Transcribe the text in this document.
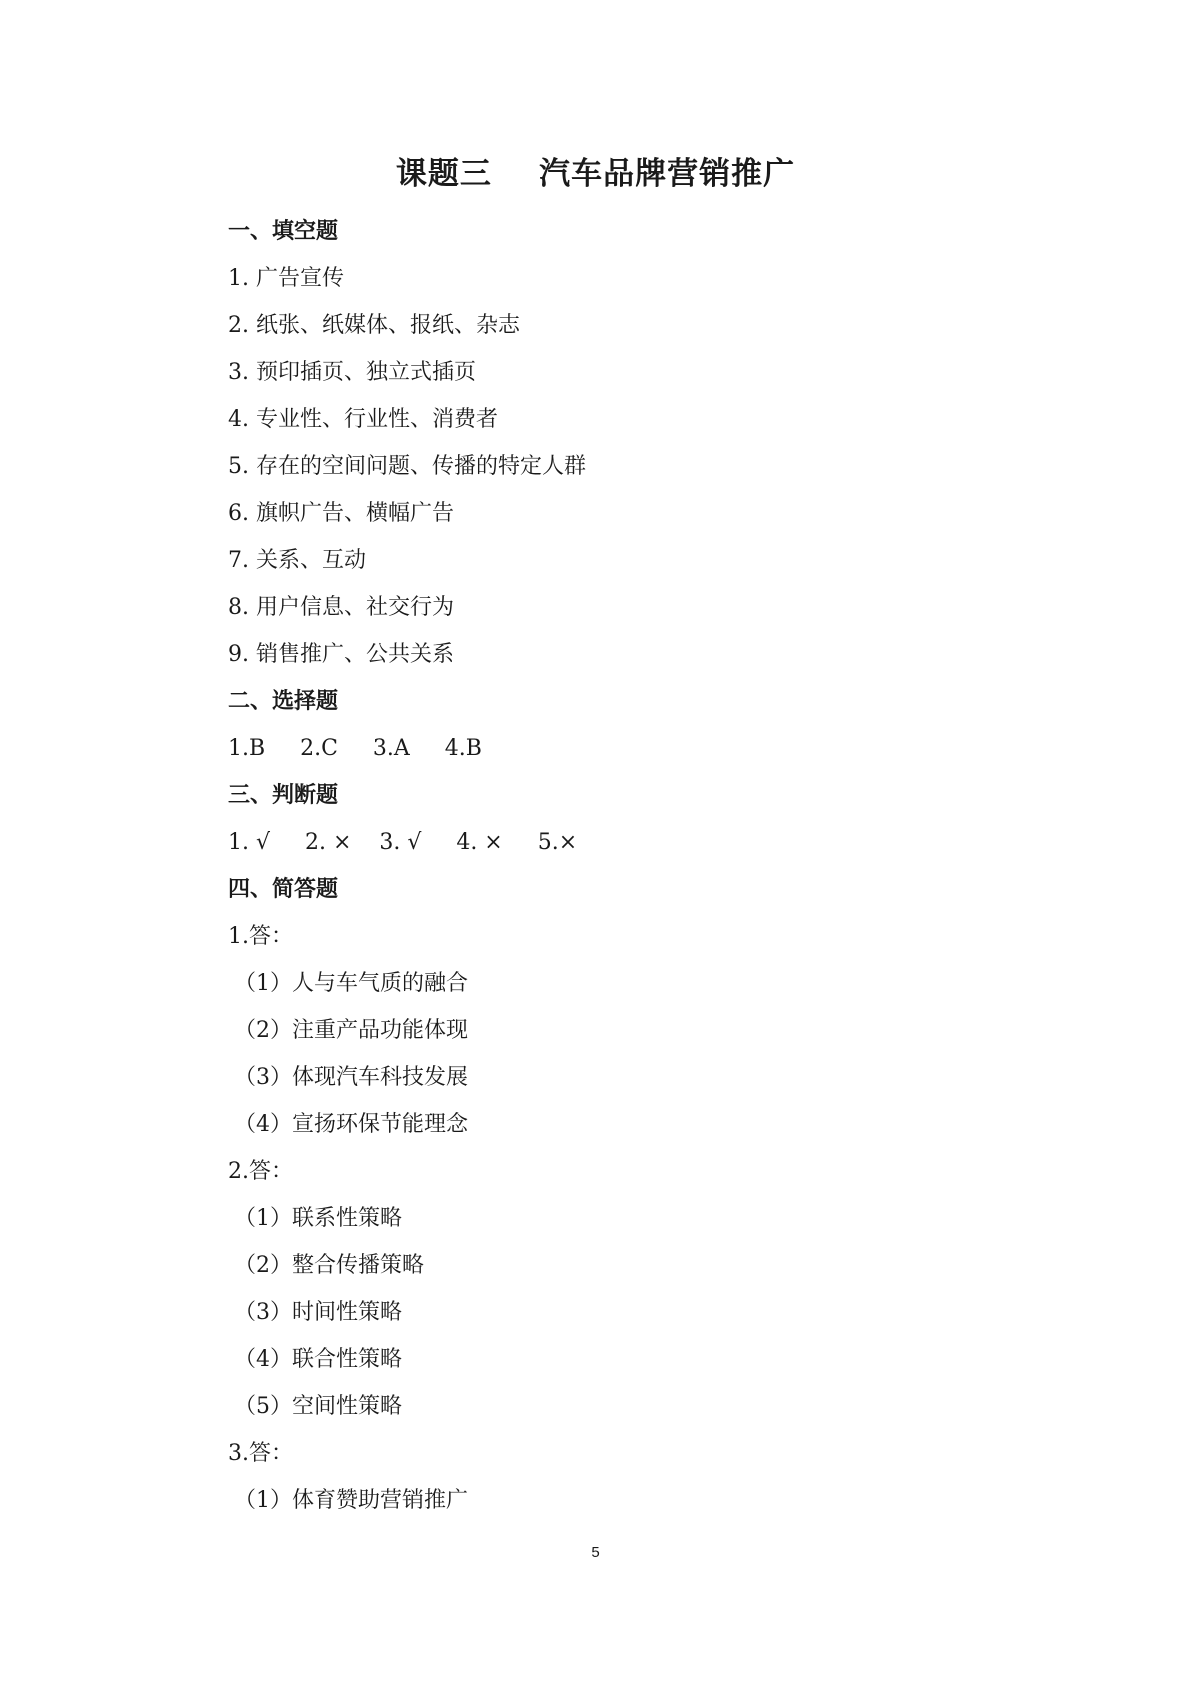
课题三    汽车品牌营销推广
一、填空题
1. 广告宣传
2. 纸张、纸媒体、报纸、杂志
3. 预印插页、独立式插页
4. 专业性、行业性、消费者
5. 存在的空间问题、传播的特定人群
6. 旗帜广告、横幅广告
7. 关系、互动
8. 用户信息、社交行为
9. 销售推广、公共关系
二、选择题
1.B     2.C     3.A     4.B
三、判断题
1. √     2. ×    3. √     4. ×     5.×
四、简答题
1.答：
（1）人与车气质的融合
（2）注重产品功能体现
（3）体现汽车科技发展
（4）宣扬环保节能理念
2.答：
（1）联系性策略
（2）整合传播策略
（3）时间性策略
（4）联合性策略
（5）空间性策略
3.答：
（1）体育赞助营销推广
5
